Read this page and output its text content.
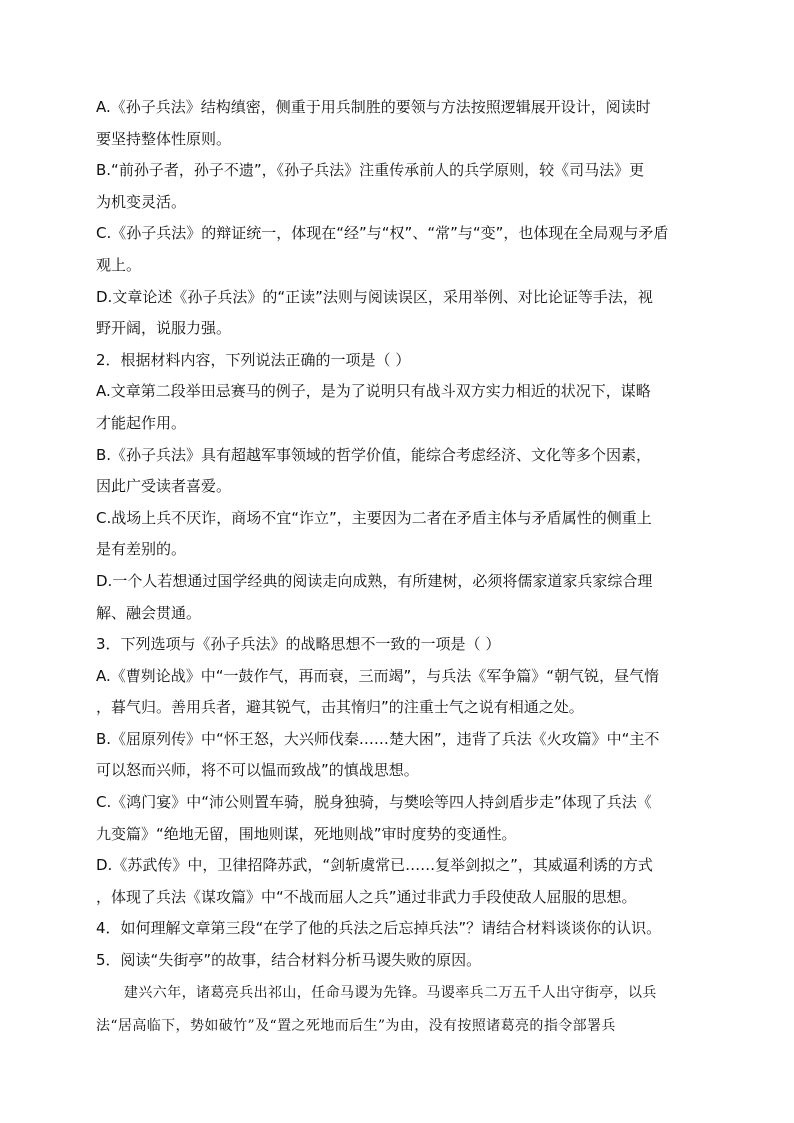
A.《孙子兵法》结构缜密，侧重于用兵制胜的要领与方法按照逻辑展开设计，阅读时
要坚持整体性原则。
B.“前孙子者，孙子不遗”，《孙子兵法》注重传承前人的兵学原则，较《司马法》更
为机变灵活。
C.《孙子兵法》的辩证统一，体现在“经”与“权”、“常”与“变”，也体现在全局观与矛盾
观上。
D.文章论述《孙子兵法》的“正读”法则与阅读误区，采用举例、对比论证等手法，视
野开阔，说服力强。
2．根据材料内容，下列说法正确的一项是（ ）
A.文章第二段举田忌赛马的例子，是为了说明只有战斗双方实力相近的状况下，谋略
才能起作用。
B.《孙子兵法》具有超越军事领域的哲学价值，能综合考虑经济、文化等多个因素，
因此广受读者喜爱。
C.战场上兵不厌诈，商场不宜“诈立”，主要因为二者在矛盾主体与矛盾属性的侧重上
是有差别的。
D.一个人若想通过国学经典的阅读走向成熟，有所建树，必须将儒家道家兵家综合理
解、融会贯通。
3．下列选项与《孙子兵法》的战略思想不一致的一项是（ ）
A.《曹刿论战》中“一鼓作气，再而衰，三而竭”，与兵法《军争篇》“朝气锐，昼气惰
，暮气归。善用兵者，避其锐气，击其惰归”的注重士气之说有相通之处。
B.《屈原列传》中“怀王怒，大兴师伐秦……楚大困”，违背了兵法《火攻篇》中“主不
可以怒而兴师，将不可以愠而致战”的慎战思想。
C.《鸿门宴》中“沛公则置车骑，脱身独骑，与樊哙等四人持剑盾步走”体现了兵法《
九变篇》“绝地无留，围地则谋，死地则战”审时度势的变通性。
D.《苏武传》中，卫律招降苏武，“剑斩虞常已……复举剑拟之”，其威逼利诱的方式
，体现了兵法《谋攻篇》中“不战而屈人之兵”通过非武力手段使敌人屈服的思想。
4．如何理解文章第三段“在学了他的兵法之后忘掉兵法”？请结合材料谈谈你的认识。
5．阅读“失街亭”的故事，结合材料分析马谡失败的原因。
建兴六年，诸葛亮兵出祁山，任命马谡为先锋。马谡率兵二万五千人出守街亭，以兵
法“居高临下，势如破竹”及“置之死地而后生”为由，没有按照诸葛亮的指令部署兵
